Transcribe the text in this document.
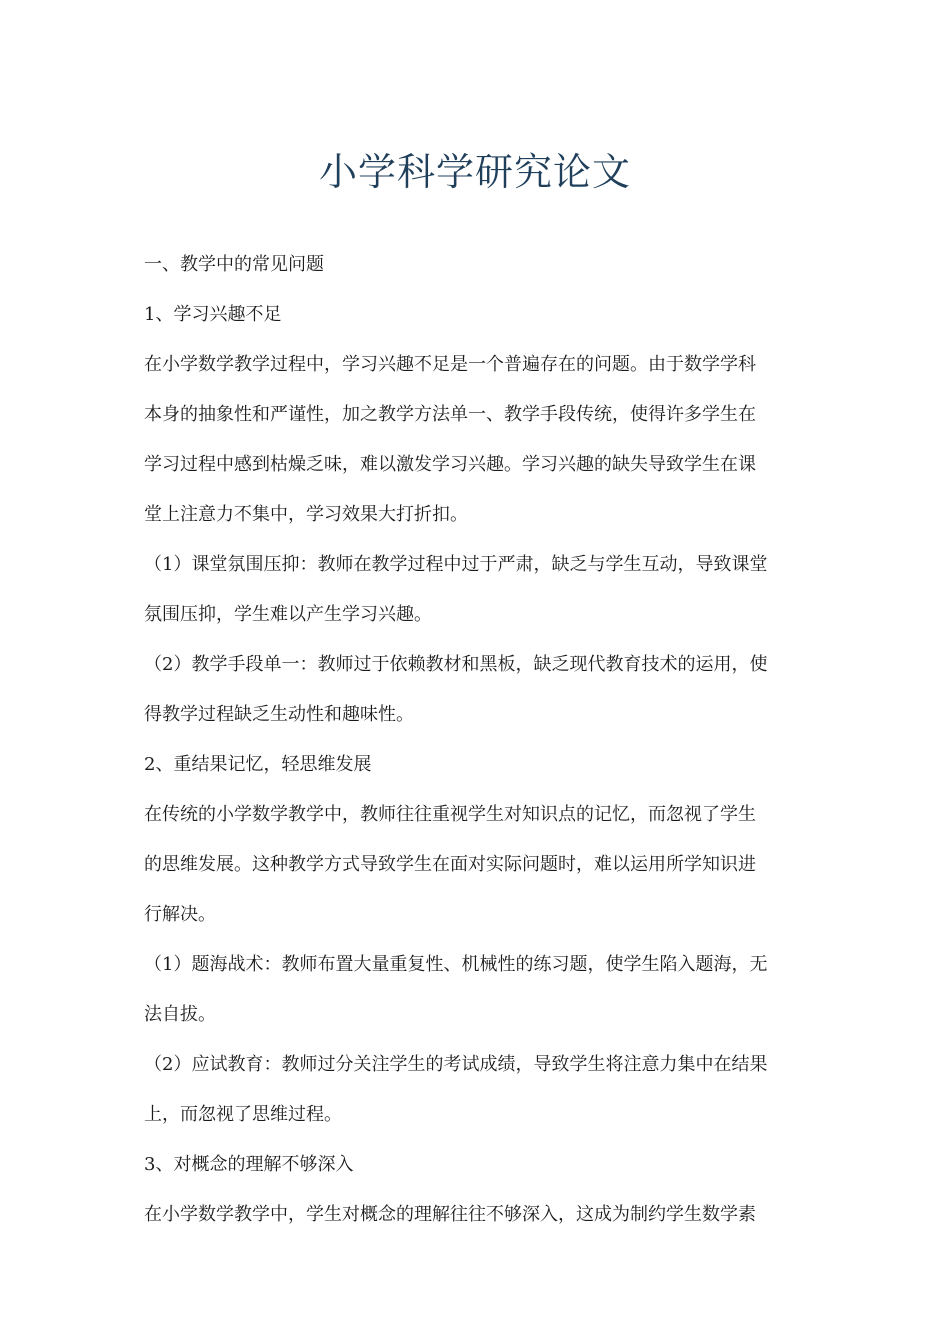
小学科学研究论文
一、教学中的常见问题
1、学习兴趣不足
在小学数学教学过程中，学习兴趣不足是一个普遍存在的问题。由于数学学科
本身的抽象性和严谨性，加之教学方法单一、教学手段传统，使得许多学生在
学习过程中感到枯燥乏味，难以激发学习兴趣。学习兴趣的缺失导致学生在课
堂上注意力不集中，学习效果大打折扣。
（1）课堂氛围压抑：教师在教学过程中过于严肃，缺乏与学生互动，导致课堂
氛围压抑，学生难以产生学习兴趣。
（2）教学手段单一：教师过于依赖教材和黑板，缺乏现代教育技术的运用，使
得教学过程缺乏生动性和趣味性。
2、重结果记忆，轻思维发展
在传统的小学数学教学中，教师往往重视学生对知识点的记忆，而忽视了学生
的思维发展。这种教学方式导致学生在面对实际问题时，难以运用所学知识进
行解决。
（1）题海战术：教师布置大量重复性、机械性的练习题，使学生陷入题海，无
法自拔。
（2）应试教育：教师过分关注学生的考试成绩，导致学生将注意力集中在结果
上，而忽视了思维过程。
3、对概念的理解不够深入
在小学数学教学中，学生对概念的理解往往不够深入，这成为制约学生数学素
